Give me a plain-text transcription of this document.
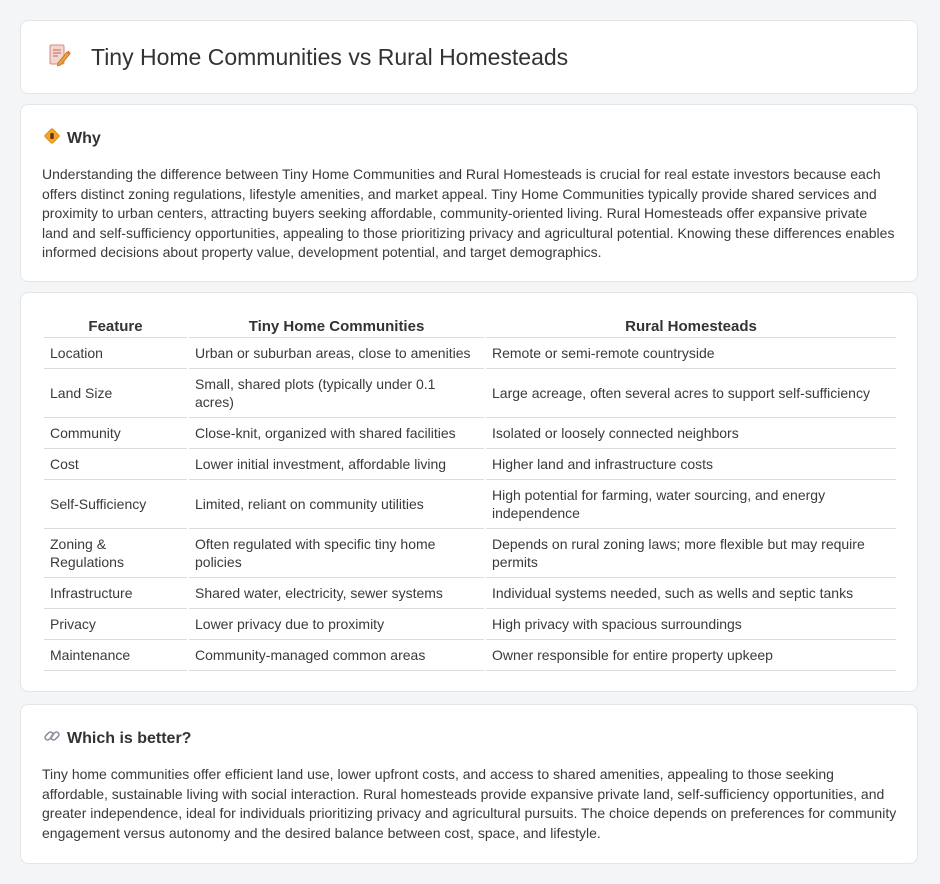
Tiny Home Communities vs Rural Homesteads
Why

Understanding the difference between Tiny Home Communities and Rural Homesteads is crucial for real estate investors because each offers distinct zoning regulations, lifestyle amenities, and market appeal. Tiny Home Communities typically provide shared services and proximity to urban centers, attracting buyers seeking affordable, community-oriented living. Rural Homesteads offer expansive private land and self-sufficiency opportunities, appealing to those prioritizing privacy and agricultural potential. Knowing these differences enables informed decisions about property value, development potential, and target demographics.

Feature	Tiny Home Communities	Rural Homesteads
Location	Urban or suburban areas, close to amenities	Remote or semi-remote countryside
Land Size	Small, shared plots (typically under 0.1 acres)	Large acreage, often several acres to support self-sufficiency
Community	Close-knit, organized with shared facilities	Isolated or loosely connected neighbors
Cost	Lower initial investment, affordable living	Higher land and infrastructure costs
Self-Sufficiency	Limited, reliant on community utilities	High potential for farming, water sourcing, and energy independence
Zoning & Regulations	Often regulated with specific tiny home policies	Depends on rural zoning laws; more flexible but may require permits
Infrastructure	Shared water, electricity, sewer systems	Individual systems needed, such as wells and septic tanks
Privacy	Lower privacy due to proximity	High privacy with spacious surroundings
Maintenance	Community-managed common areas	Owner responsible for entire property upkeep
Which is better?

Tiny home communities offer efficient land use, lower upfront costs, and access to shared amenities, appealing to those seeking affordable, sustainable living with social interaction. Rural homesteads provide expansive private land, self-sufficiency opportunities, and greater independence, ideal for individuals prioritizing privacy and agricultural pursuits. The choice depends on preferences for community engagement versus autonomy and the desired balance between cost, space, and lifestyle.
